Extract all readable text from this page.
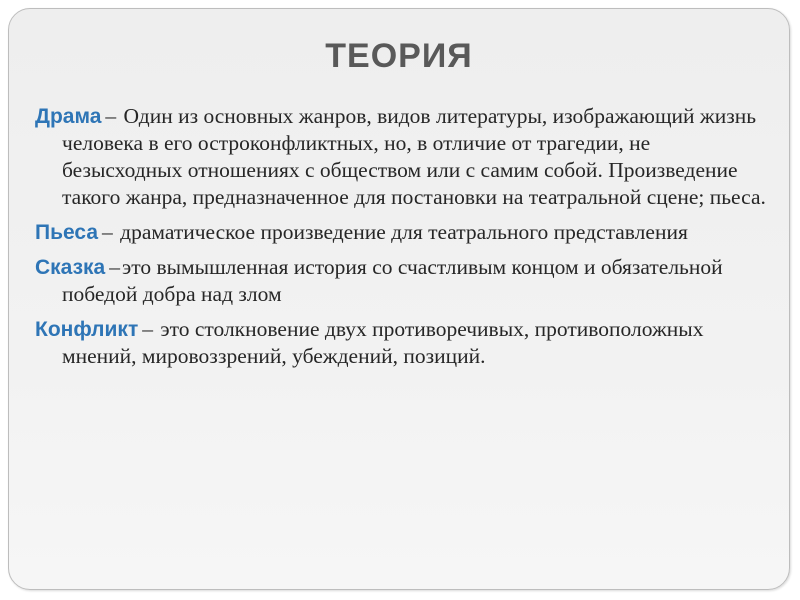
ТЕОРИЯ
Драма – Один из основных жанров, видов литературы, изображающий жизнь человека в его остроконфликтных, но, в отличие от трагедии, не безысходных отношениях с обществом или с самим собой. Произведение такого жанра, предназначенное для постановки на театральной сцене; пьеса.
Пьеса – драматическое произведение для театрального представления
Сказка –это вымышленная история со счастливым концом и обязательной победой добра над злом
Конфликт – это столкновение двух противоречивых, противоположных мнений, мировоззрений, убеждений, позиций.
